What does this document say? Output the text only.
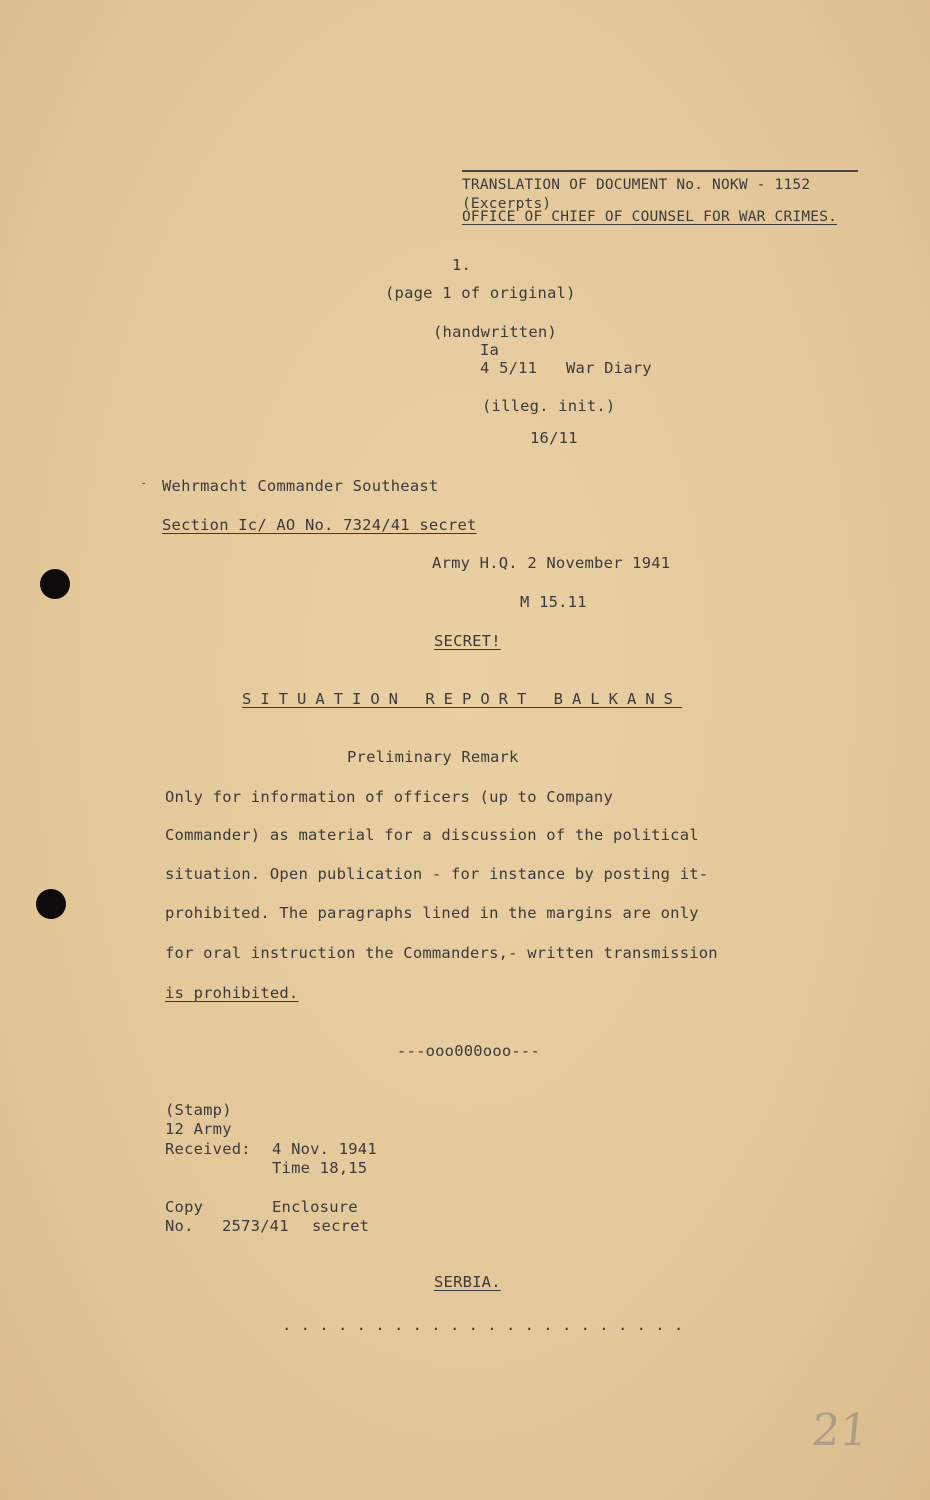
TRANSLATION OF DOCUMENT No. NOKW - 1152
(Excerpts)
OFFICE OF CHIEF OF COUNSEL FOR WAR CRIMES.
1.
(page 1 of original)
(handwritten)
Ia
4 5/11 War Diary
(illeg. init.)
16/11
- Wehrmacht Commander Southeast
Section Ic/ AO No. 7324/41 secret
Army H.Q. 2 November 1941
M 15.11
SECRET!
SITUATION REPORT BALKANS
Preliminary Remark
Only for information of officers (up to Company
Commander) as material for a discussion of the political
situation. Open publication - for instance by posting it-
prohibited. The paragraphs lined in the margins are only
for oral instruction the Commanders,- written transmission
is prohibited.
---ooo000ooo---
(Stamp)
12 Army
Received: 4 Nov. 1941
Time 18,15
Copy	Enclosure
No. 2573/41 secret
SERBIA.
. . . . . . . . . . . . . . . . . . . . . .
21
